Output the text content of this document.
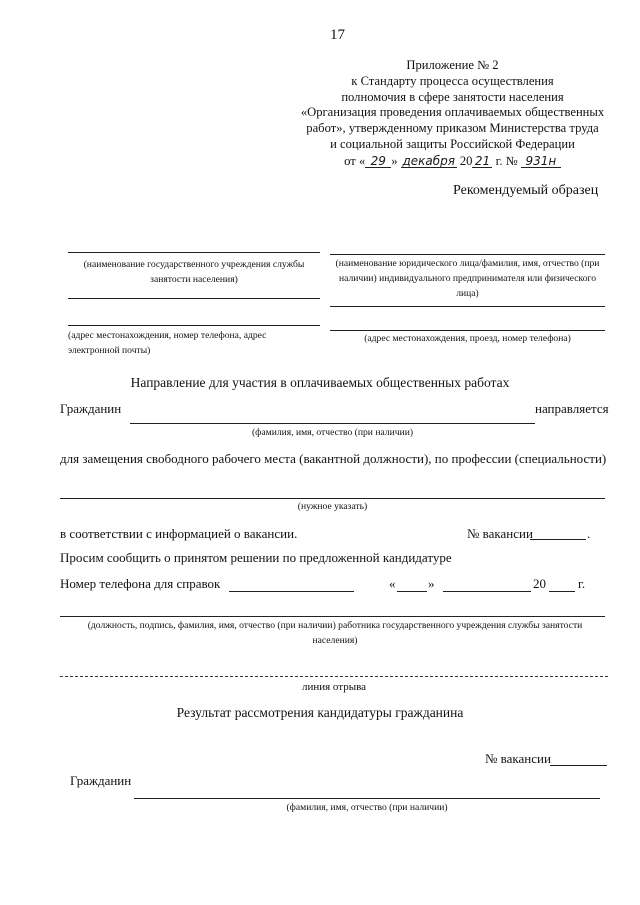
17
Приложение № 2
к Стандарту процесса осуществления
полномочия в сфере занятости населения
«Организация проведения оплачиваемых общественных
работ», утвержденному приказом Министерства труда
и социальной защиты Российской Федерации
от « 29 » декабря 20 21 г. № 931н
Рекомендуемый образец
(наименование государственного учреждения службы занятости населения)
(адрес местонахождения, номер телефона, адрес электронной почты)
(наименование юридического лица/фамилия, имя, отчество (при наличии) индивидуального предпринимателя или физического лица)
(адрес местонахождения, проезд, номер телефона)
Направление для участия в оплачиваемых общественных работах
Гражданин	направляется
(фамилия, имя, отчество (при наличии)
для замещения свободного рабочего места (вакантной должности), по профессии (специальности)
(нужное указать)
в соответствии с информацией о вакансии.	№ вакансии	.
Просим сообщить о принятом решении по предложенной кандидатуре
Номер телефона для справок	«	»	20 г.
(должность, подпись, фамилия, имя, отчество (при наличии) работника государственного учреждения службы занятости населения)
линия отрыва
Результат рассмотрения кандидатуры гражданина
№ вакансии
Гражданин
(фамилия, имя, отчество (при наличии)
